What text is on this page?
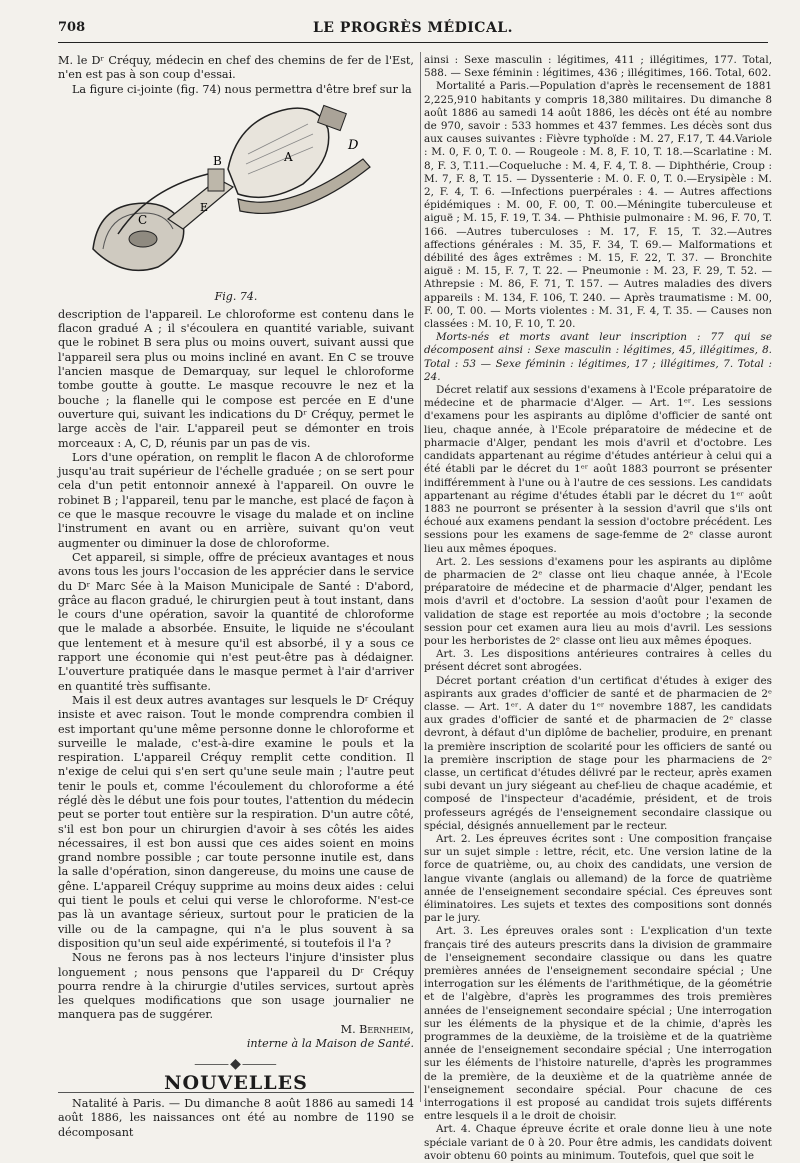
708	LE PROGRÈS MÉDICAL.

M. le Dʳ Créquy, médecin en chef des chemins de fer de l'Est, n'en est pas à son coup d'essai.

La figure ci-jointe (fig. 74) nous permettra d'être bref sur la

B	A
C
D
E
Fig. 74.

description de l'appareil. Le chloroforme est contenu dans le flacon gradué A ; il s'écoulera en quantité variable, suivant que le robinet B sera plus ou moins ouvert, suivant aussi que l'appareil sera plus ou moins incliné en avant. En C se trouve l'ancien masque de Demarquay, sur lequel le chloroforme tombe goutte à goutte. Le masque recouvre le nez et la bouche ; la flanelle qui le compose est percée en E d'une ouverture qui, suivant les indications du Dʳ Créquy, permet le large accès de l'air. L'appareil peut se démonter en trois morceaux : A, C, D, réunis par un pas de vis.

Lors d'une opération, on remplit le flacon A de chloroforme jusqu'au trait supérieur de l'échelle graduée ; on se sert pour cela d'un petit entonnoir annexé à l'appareil. On ouvre le robinet B ; l'appareil, tenu par le manche, est placé de façon à ce que le masque recouvre le visage du malade et on incline l'instrument en avant ou en arrière, suivant qu'on veut augmenter ou diminuer la dose de chloroforme.

Cet appareil, si simple, offre de précieux avantages et nous avons tous les jours l'occasion de les apprécier dans le service du Dʳ Marc Sée à la Maison Municipale de Santé : D'abord, grâce au flacon gradué, le chirurgien peut à tout instant, dans le cours d'une opération, savoir la quantité de chloroforme que le malade a absorbée. Ensuite, le liquide ne s'écoulant que lentement et à mesure qu'il est absorbé, il y a sous ce rapport une économie qui n'est peut-être pas à dédaigner. L'ouverture pratiquée dans le masque permet à l'air d'arriver en quantité très suffisante.

Mais il est deux autres avantages sur lesquels le Dʳ Créquy insiste et avec raison. Tout le monde comprendra combien il est important qu'une même personne donne le chloroforme et surveille le malade, c'est-à-dire examine le pouls et la respiration. L'appareil Créquy remplit cette condition. Il n'exige de celui qui s'en sert qu'une seule main ; l'autre peut tenir le pouls et, comme l'écoulement du chloroforme a été réglé dès le début une fois pour toutes, l'attention du médecin peut se porter tout entière sur la respiration. D'un autre côté, s'il est bon pour un chirurgien d'avoir à ses côtés les aides nécessaires, il est bon aussi que ces aides soient en moins grand nombre possible ; car toute personne inutile est, dans la salle d'opération, sinon dangereuse, du moins une cause de gêne. L'appareil Créquy supprime au moins deux aides : celui qui tient le pouls et celui qui verse le chloroforme. N'est-ce pas là un avantage sérieux, surtout pour le praticien de la ville ou de la campagne, qui n'a le plus souvent à sa disposition qu'un seul aide expérimenté, si toutefois il l'a ?

Nous ne ferons pas à nos lecteurs l'injure d'insister plus longuement ; nous pensons que l'appareil du Dʳ Créquy pourra rendre à la chirurgie d'utiles services, surtout après les quelques modifications que son usage journalier ne manquera pas de suggérer.

M. Bernheim,
interne à la Maison de Santé.
⸻◆⸻
NOUVELLES

Natalité à Paris. — Du dimanche 8 août 1886 au samedi 14 août 1886, les naissances ont été au nombre de 1190 se décomposant

ainsi : Sexe masculin : légitimes, 411 ; illégitimes, 177. Total, 588. — Sexe féminin : légitimes, 436 ; illégitimes, 166. Total, 602.

Mortalité a Paris.—Population d'après le recensement de 1881 2,225,910 habitants y compris 18,380 militaires. Du dimanche 8 août 1886 au samedi 14 août 1886, les décès ont été au nombre de 970, savoir : 533 hommes et 437 femmes. Les décès sont dus aux causes suivantes : Fièvre typhoïde : M. 27, F.17, T. 44.Variole : M. 0, F. 0, T. 0. — Rougeole : M. 8, F. 10, T. 18.—Scarlatine : M. 8, F. 3, T.11.—Coqueluche : M. 4, F. 4, T. 8. — Diphthérie, Croup : M. 7, F. 8, T. 15. — Dyssenterie : M. 0. F. 0, T. 0.—Erysipèle : M. 2, F. 4, T. 6. —Infections puerpérales : 4. — Autres affections épidémiques : M. 00, F. 00, T. 00.—Méningite tuberculeuse et aiguë ; M. 15, F. 19, T. 34. — Phthisie pulmonaire : M. 96, F. 70, T. 166. —Autres tuberculoses : M. 17, F. 15, T. 32.—Autres affections générales : M. 35, F. 34, T. 69.— Malformations et débilité des âges extrêmes : M. 15, F. 22, T. 37. — Bronchite aiguë : M. 15, F. 7, T. 22. — Pneumonie : M. 23, F. 29, T. 52. — Athrepsie : M. 86, F. 71, T. 157. — Autres maladies des divers appareils : M. 134, F. 106, T. 240. — Après traumatisme : M. 00, F. 00, T. 00. — Morts violentes : M. 31, F. 4, T. 35. — Causes non classées : M. 10, F. 10, T. 20.

Morts-nés et morts avant leur inscription : 77 qui se décomposent ainsi : Sexe masculin : légitimes, 45, illégitimes, 8. Total : 53 — Sexe féminin : légitimes, 17 ; illégitimes, 7. Total : 24.

Décret relatif aux sessions d'examens à l'Ecole préparatoire de médecine et de pharmacie d'Alger. — Art. 1ᵉʳ. Les sessions d'examens pour les aspirants au diplôme d'officier de santé ont lieu, chaque année, à l'Ecole préparatoire de médecine et de pharmacie d'Alger, pendant les mois d'avril et d'octobre. Les candidats appartenant au régime d'études antérieur à celui qui a été établi par le décret du 1ᵉʳ août 1883 pourront se présenter indifféremment à l'une ou à l'autre de ces sessions. Les candidats appartenant au régime d'études établi par le décret du 1ᵉʳ août 1883 ne pourront se présenter à la session d'avril que s'ils ont échoué aux examens pendant la session d'octobre précédent. Les sessions pour les examens de sage-femme de 2ᵉ classe auront lieu aux mêmes époques.

Art. 2. Les sessions d'examens pour les aspirants au diplôme de pharmacien de 2ᵉ classe ont lieu chaque année, à l'Ecole préparatoire de médecine et de pharmacie d'Alger, pendant les mois d'avril et d'octobre. La session d'août pour l'examen de validation de stage est reportée au mois d'octobre ; la seconde session pour cet examen aura lieu au mois d'avril. Les sessions pour les herboristes de 2ᵉ classe ont lieu aux mêmes époques.

Art. 3. Les dispositions antérieures contraires à celles du présent décret sont abrogées.

Décret portant création d'un certificat d'études à exiger des aspirants aux grades d'officier de santé et de pharmacien de 2ᵉ classe. — Art. 1ᵉʳ. A dater du 1ᵉʳ novembre 1887, les candidats aux grades d'officier de santé et de pharmacien de 2ᵉ classe devront, à défaut d'un diplôme de bachelier, produire, en prenant la première inscription de scolarité pour les officiers de santé ou la première inscription de stage pour les pharmaciens de 2ᵉ classe, un certificat d'études délivré par le recteur, après examen subi devant un jury siégeant au chef-lieu de chaque académie, et composé de l'inspecteur d'académie, président, et de trois professeurs agrégés de l'enseignement secondaire classique ou spécial, désignés annuellement par le recteur.

Art. 2. Les épreuves écrites sont : Une composition française sur un sujet simple : lettre, récit, etc. Une version latine de la force de quatrième, ou, au choix des candidats, une version de langue vivante (anglais ou allemand) de la force de quatrième année de l'enseignement secondaire spécial. Ces épreuves sont éliminatoires. Les sujets et textes des compositions sont donnés par le jury.

Art. 3. Les épreuves orales sont : L'explication d'un texte français tiré des auteurs prescrits dans la division de grammaire de l'enseignement secondaire classique ou dans les quatre premières années de l'enseignement secondaire spécial ; Une interrogation sur les éléments de l'arithmétique, de la géométrie et de l'algèbre, d'après les programmes des trois premières années de l'enseignement secondaire spécial ; Une interrogation sur les éléments de la physique et de la chimie, d'après les programmes de la deuxième, de la troisième et de la quatrième année de l'enseignement secondaire spécial ; Une interrogation sur les éléments de l'histoire naturelle, d'après les programmes de la première, de la deuxième et de la quatrième année de l'enseignement secondaire spécial. Pour chacune de ces interrogations il est proposé au candidat trois sujets différents entre lesquels il a le droit de choisir.

Art. 4. Chaque épreuve écrite et orale donne lieu à une note spéciale variant de 0 à 20. Pour être admis, les candidats doivent avoir obtenu 60 points au minimum. Toutefois, quel que soit le
